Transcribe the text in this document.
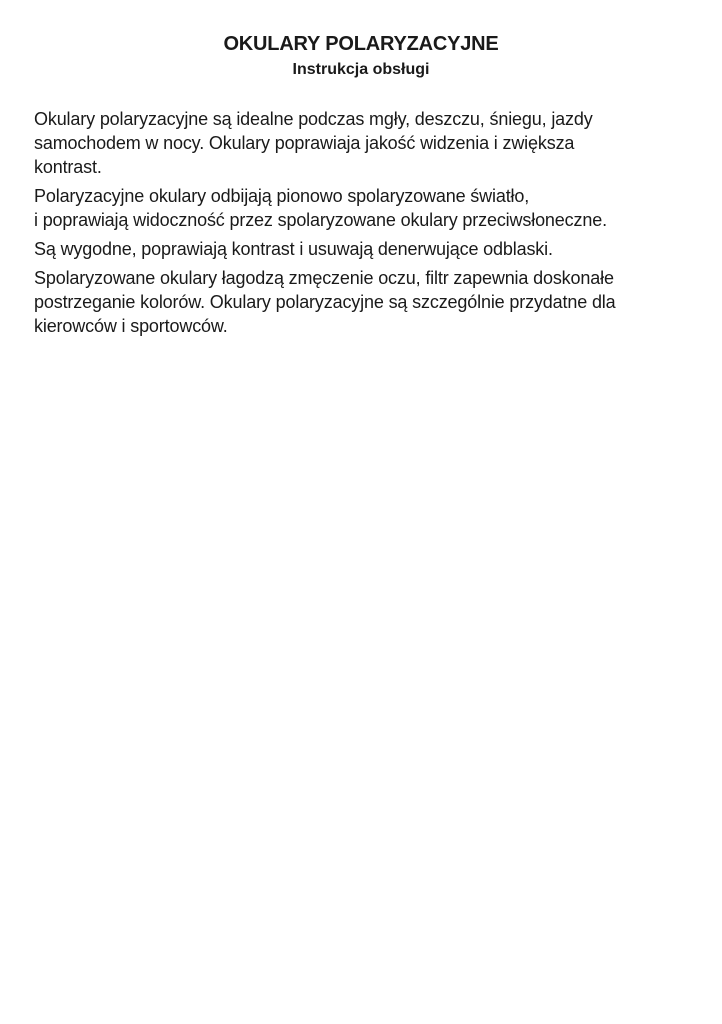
OKULARY POLARYZACYJNE
Instrukcja obsługi

Okulary polaryzacyjne są idealne podczas mgły, deszczu, śniegu, jazdy
samochodem w nocy. Okulary poprawiaja jakość widzenia i zwiększa
kontrast.

Polaryzacyjne okulary odbijają pionowo spolaryzowane światło,
i poprawiają widoczność przez spolaryzowane okulary przeciwsłoneczne.

Są wygodne, poprawiają kontrast i usuwają denerwujące odblaski.

Spolaryzowane okulary łagodzą zmęczenie oczu, filtr zapewnia doskonałe
postrzeganie kolorów. Okulary polaryzacyjne są szczególnie przydatne dla
kierowców i sportowców.
